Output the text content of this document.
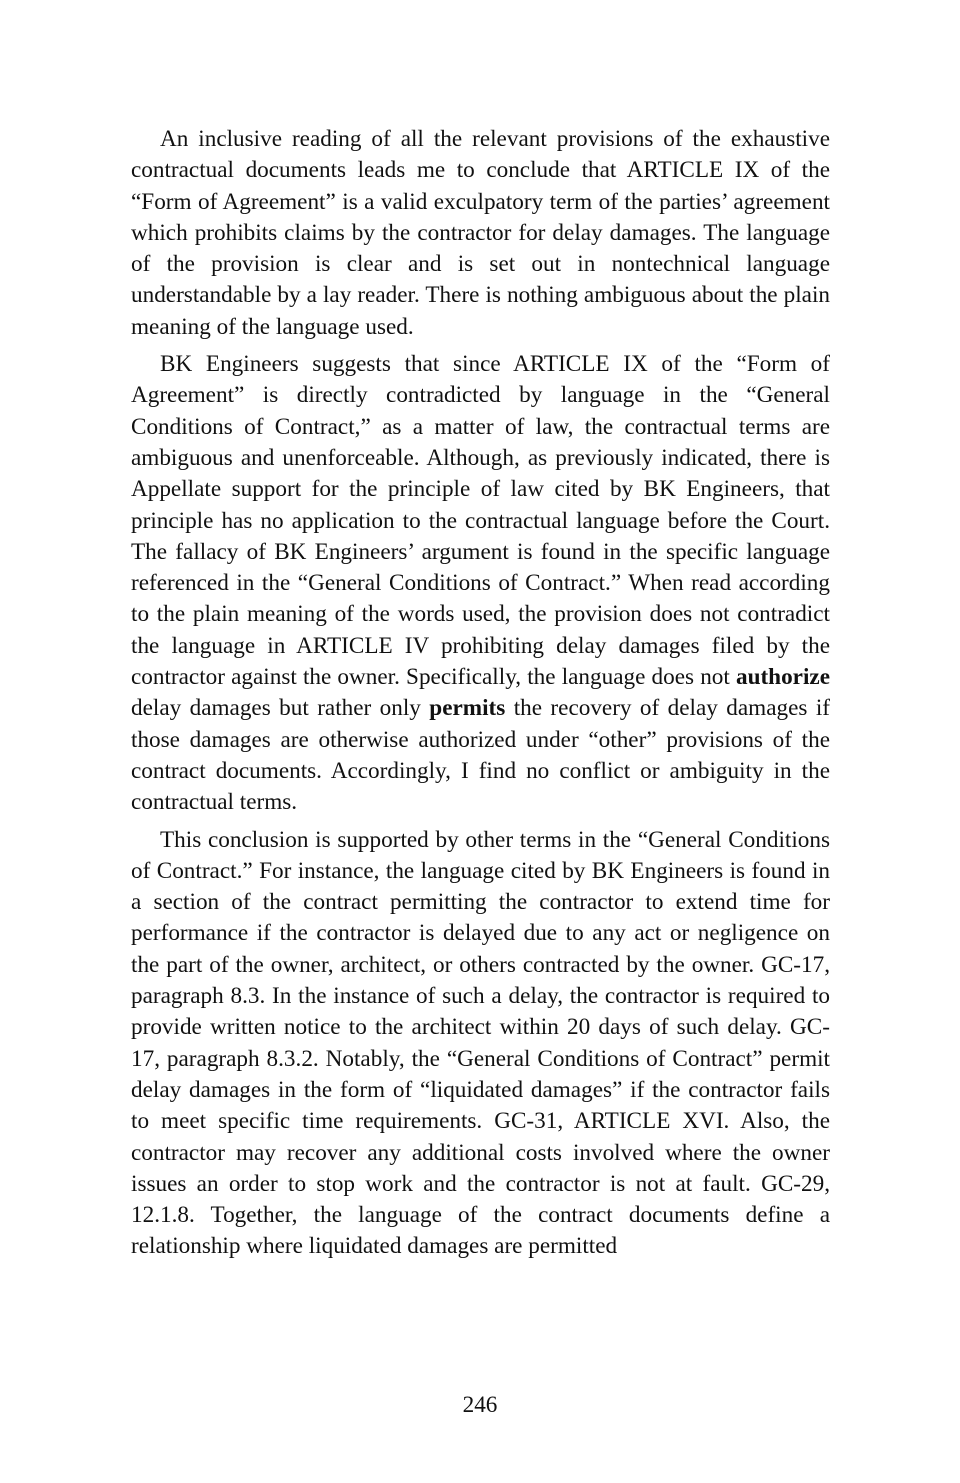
An inclusive reading of all the relevant provisions of the exhaustive contractual documents leads me to conclude that ARTICLE IX of the “Form of Agreement” is a valid exculpatory term of the parties’ agreement which prohibits claims by the contractor for delay damages. The language of the provision is clear and is set out in nontechnical language understandable by a lay reader. There is nothing ambiguous about the plain meaning of the language used.

BK Engineers suggests that since ARTICLE IX of the “Form of Agreement” is directly contradicted by language in the “General Conditions of Contract,” as a matter of law, the contractual terms are ambiguous and unenforceable. Although, as previously indicated, there is Appellate support for the principle of law cited by BK Engineers, that principle has no application to the contractual language before the Court. The fallacy of BK Engineers’ argument is found in the specific language referenced in the “General Conditions of Contract.” When read according to the plain meaning of the words used, the provision does not contradict the language in ARTICLE IV prohibiting delay damages filed by the contractor against the owner. Specifically, the language does not authorize delay damages but rather only permits the recovery of delay damages if those damages are otherwise authorized under “other” provisions of the contract documents. Accordingly, I find no conflict or ambiguity in the contractual terms.

This conclusion is supported by other terms in the “General Conditions of Contract.” For instance, the language cited by BK Engineers is found in a section of the contract permitting the contractor to extend time for performance if the contractor is delayed due to any act or negligence on the part of the owner, architect, or others contracted by the owner. GC-17, paragraph 8.3. In the instance of such a delay, the contractor is required to provide written notice to the architect within 20 days of such delay. GC-17, paragraph 8.3.2. Notably, the “General Conditions of Contract” permit delay damages in the form of “liquidated damages” if the contractor fails to meet specific time requirements. GC-31, ARTICLE XVI. Also, the contractor may recover any additional costs involved where the owner issues an order to stop work and the contractor is not at fault. GC-29, 12.1.8. Together, the language of the contract documents define a relationship where liquidated damages are permitted

246
